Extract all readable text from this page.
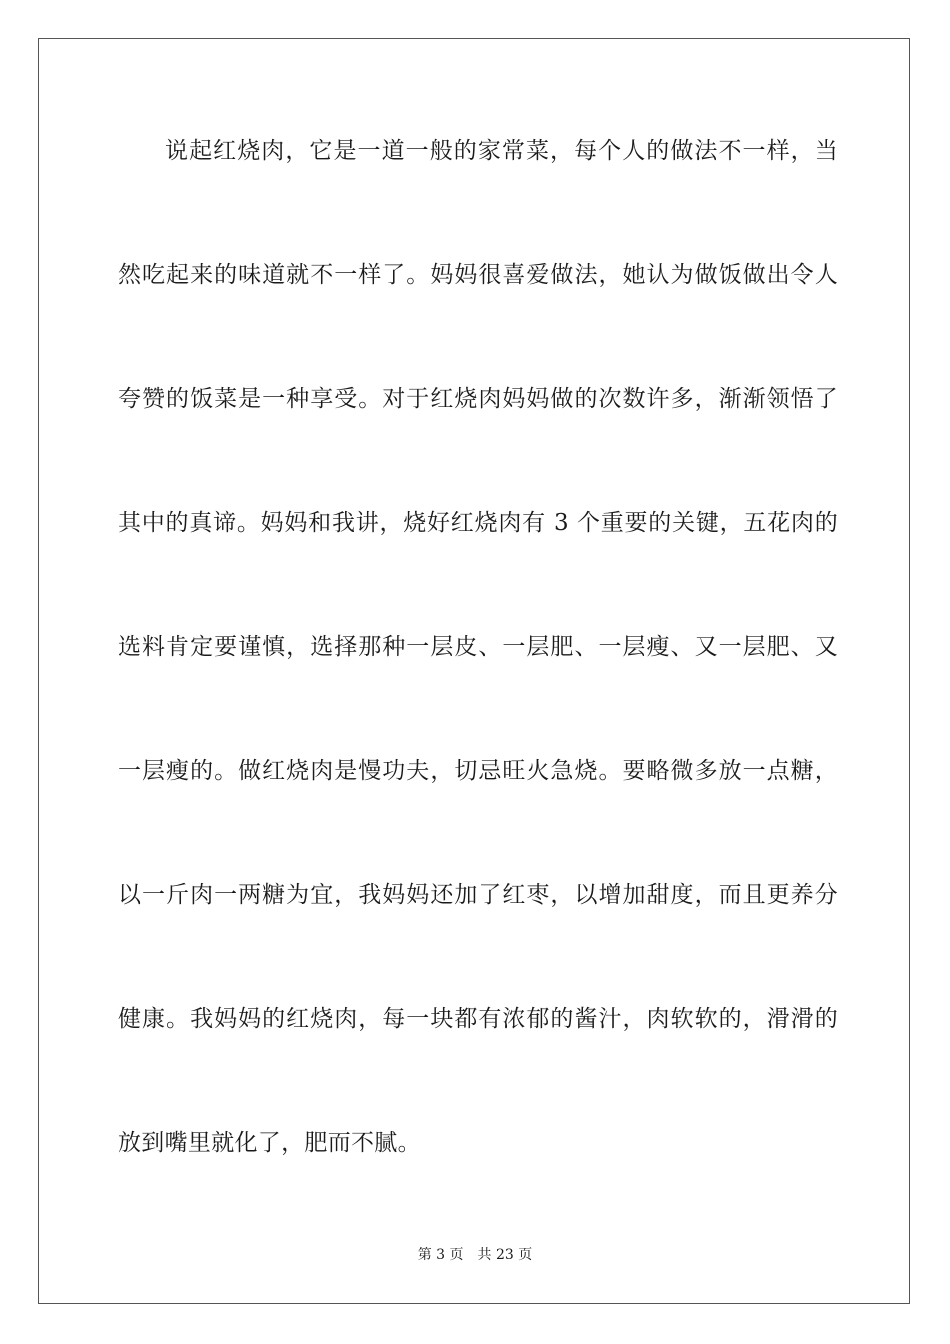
说起红烧肉，它是一道一般的家常菜，每个人的做法不一样，当
然吃起来的味道就不一样了。妈妈很喜爱做法，她认为做饭做出令人
夸赞的饭菜是一种享受。对于红烧肉妈妈做的次数许多，渐渐领悟了
其中的真谛。妈妈和我讲，烧好红烧肉有 3 个重要的关键，五花肉的
选料肯定要谨慎，选择那种一层皮、一层肥、一层瘦、又一层肥、又
一层瘦的。做红烧肉是慢功夫，切忌旺火急烧。要略微多放一点糖，
以一斤肉一两糖为宜，我妈妈还加了红枣，以增加甜度，而且更养分
健康。我妈妈的红烧肉，每一块都有浓郁的酱汁，肉软软的，滑滑的
放到嘴里就化了，肥而不腻。
第 3 页 共 23 页
